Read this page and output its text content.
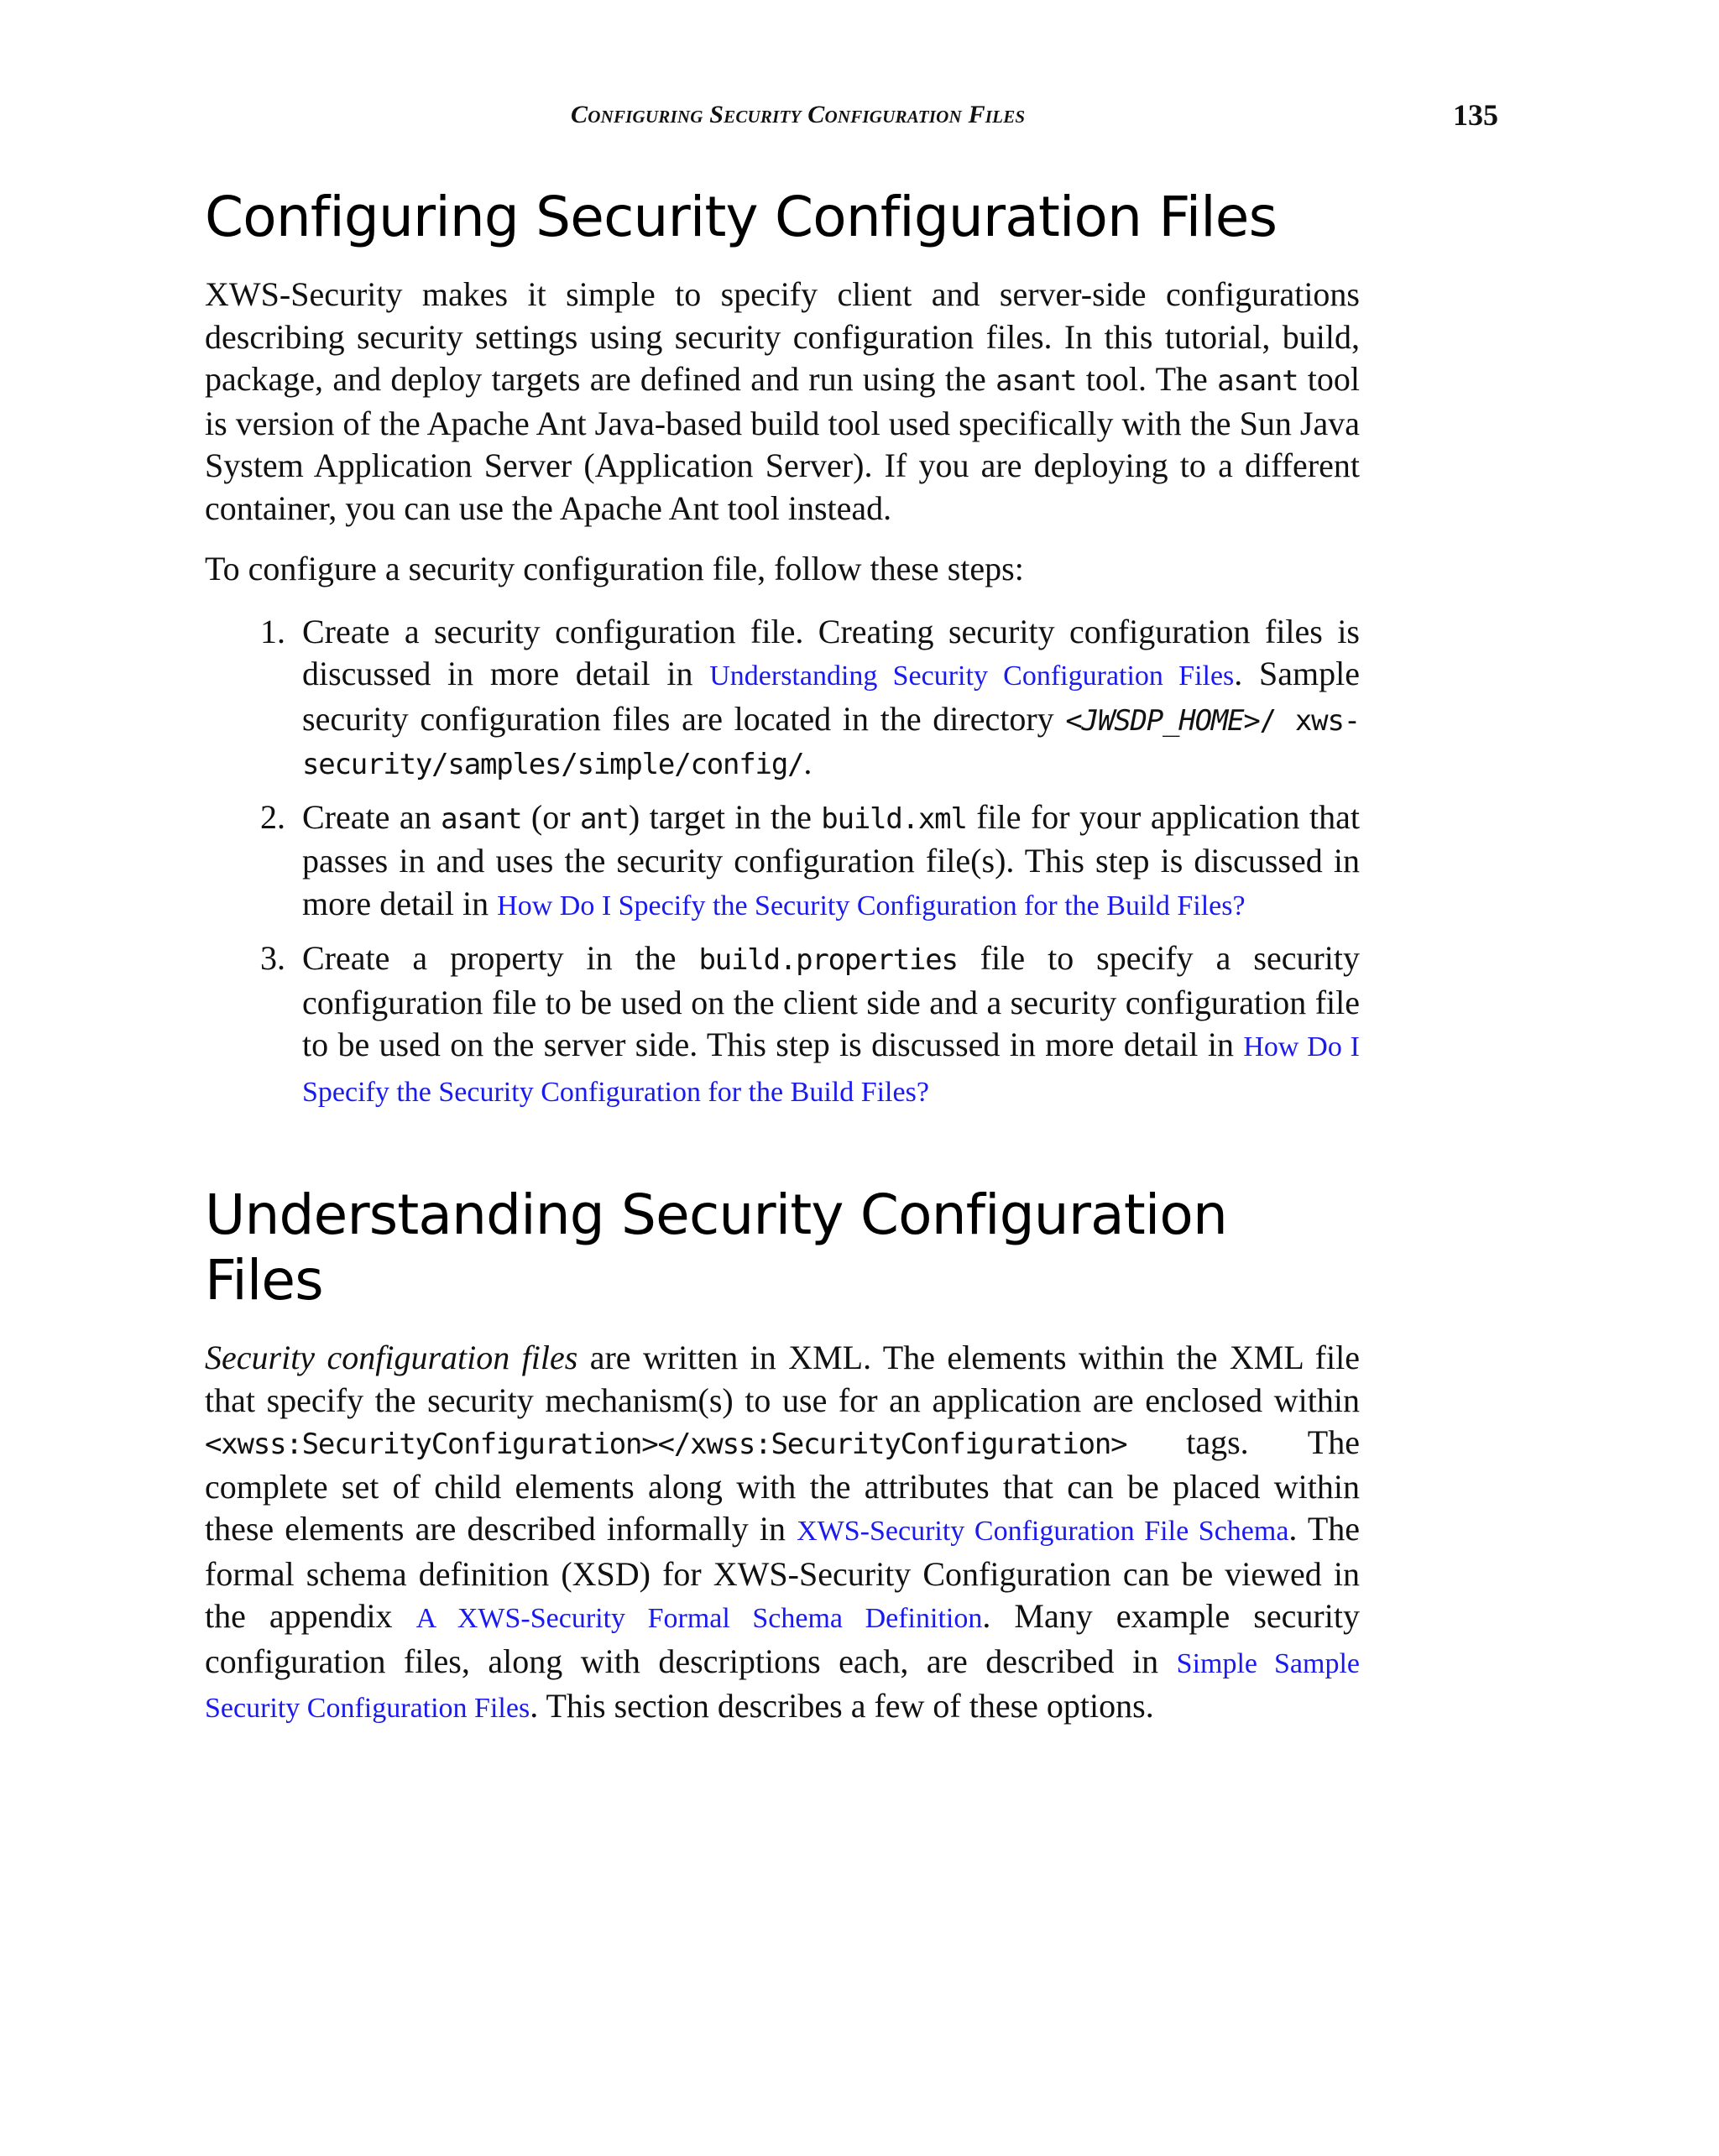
Configuring Security Configuration Files	135
Configuring Security Configuration Files

XWS-Security makes it simple to specify client and server-side configurations describing security settings using security configuration files. In this tutorial, build, package, and deploy targets are defined and run using the asant tool. The asant tool is version of the Apache Ant Java-based build tool used specifically with the Sun Java System Application Server (Application Server). If you are deploying to a different container, you can use the Apache Ant tool instead.

To configure a security configuration file, follow these steps:

1. Create a security configuration file. Creating security configuration files is discussed in more detail in Understanding Security Configuration Files. Sample security configuration files are located in the directory <JWSDP_HOME>/ xws-security/samples/simple/config/.
2. Create an asant (or ant) target in the build.xml file for your application that passes in and uses the security configuration file(s). This step is discussed in more detail in How Do I Specify the Security Configuration for the Build Files?
3. Create a property in the build.properties file to specify a security configuration file to be used on the client side and a security configuration file to be used on the server side. This step is discussed in more detail in How Do I Specify the Security Configuration for the Build Files?
Understanding Security Configuration Files

Security configuration files are written in XML. The elements within the XML file that specify the security mechanism(s) to use for an application are enclosed within <xwss:SecurityConfiguration></xwss:SecurityConfiguration> tags. The complete set of child elements along with the attributes that can be placed within these elements are described informally in XWS-Security Configuration File Schema. The formal schema definition (XSD) for XWS-Security Configuration can be viewed in the appendix A XWS-Security Formal Schema Definition. Many example security configuration files, along with descriptions each, are described in Simple Sample Security Configuration Files. This section describes a few of these options.
